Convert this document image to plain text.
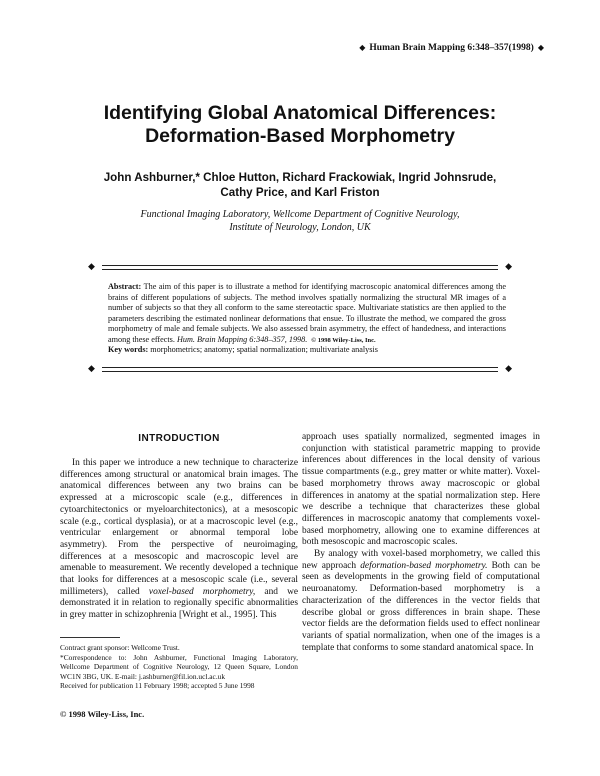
◆ Human Brain Mapping 6:348–357(1998) ◆
Identifying Global Anatomical Differences:
Deformation-Based Morphometry
John Ashburner,* Chloe Hutton, Richard Frackowiak, Ingrid Johnsrude,
Cathy Price, and Karl Friston
Functional Imaging Laboratory, Wellcome Department of Cognitive Neurology,
Institute of Neurology, London, UK
◆	◆
Abstract: The aim of this paper is to illustrate a method for identifying macroscopic anatomical differences among the brains of different populations of subjects. The method involves spatially normalizing the structural MR images of a number of subjects so that they all conform to the same stereotactic space. Multivariate statistics are then applied to the parameters describing the estimated nonlinear deformations that ensue. To illustrate the method, we compared the gross morphometry of male and female subjects. We also assessed brain asymmetry, the effect of handedness, and interactions among these effects. Hum. Brain Mapping 6:348–357, 1998. © 1998 Wiley-Liss, Inc.
Key words: morphometrics; anatomy; spatial normalization; multivariate analysis
◆	◆
INTRODUCTION

In this paper we introduce a new technique to characterize differences among structural or anatomical brain images. The anatomical differences between any two brains can be expressed at a microscopic scale (e.g., differences in cytoarchitectonics or myeloarchitectonics), at a mesoscopic scale (e.g., cortical dysplasia), or at a macroscopic level (e.g., ventricular enlargement or abnormal temporal lobe asymmetry). From the perspective of neuroimaging, differences at a mesoscopic and macroscopic level are amenable to measurement. We recently developed a technique that looks for differences at a mesoscopic scale (i.e., several millimeters), called voxel-based morphometry, and we demonstrated it in relation to regionally specific abnormalities in grey matter in schizophrenia [Wright et al., 1995]. This

approach uses spatially normalized, segmented images in conjunction with statistical parametric mapping to provide inferences about differences in the local density of various tissue compartments (e.g., grey matter or white matter). Voxel-based morphometry throws away macroscopic or global differences in anatomy at the spatial normalization step. Here we describe a technique that characterizes these global differences in macroscopic anatomy that complements voxel-based morphometry, allowing one to examine differences at both mesoscopic and macroscopic scales.

By analogy with voxel-based morphometry, we called this new approach deformation-based morphometry. Both can be seen as developments in the growing field of computational neuroanatomy. Deformation-based morphometry is a characterization of the differences in the vector fields that describe global or gross differences in brain shape. These vector fields are the deformation fields used to effect nonlinear variants of spatial normalization, when one of the images is a template that conforms to some standard anatomical space. In

Contract grant sponsor: Wellcome Trust.

*Correspondence to: John Ashburner, Functional Imaging Laboratory, Wellcome Department of Cognitive Neurology, 12 Queen Square, London WC1N 3BG, UK. E-mail: j.ashburner@fil.ion.ucl.ac.uk

Received for publication 11 February 1998; accepted 5 June 1998

© 1998 Wiley-Liss, Inc.
